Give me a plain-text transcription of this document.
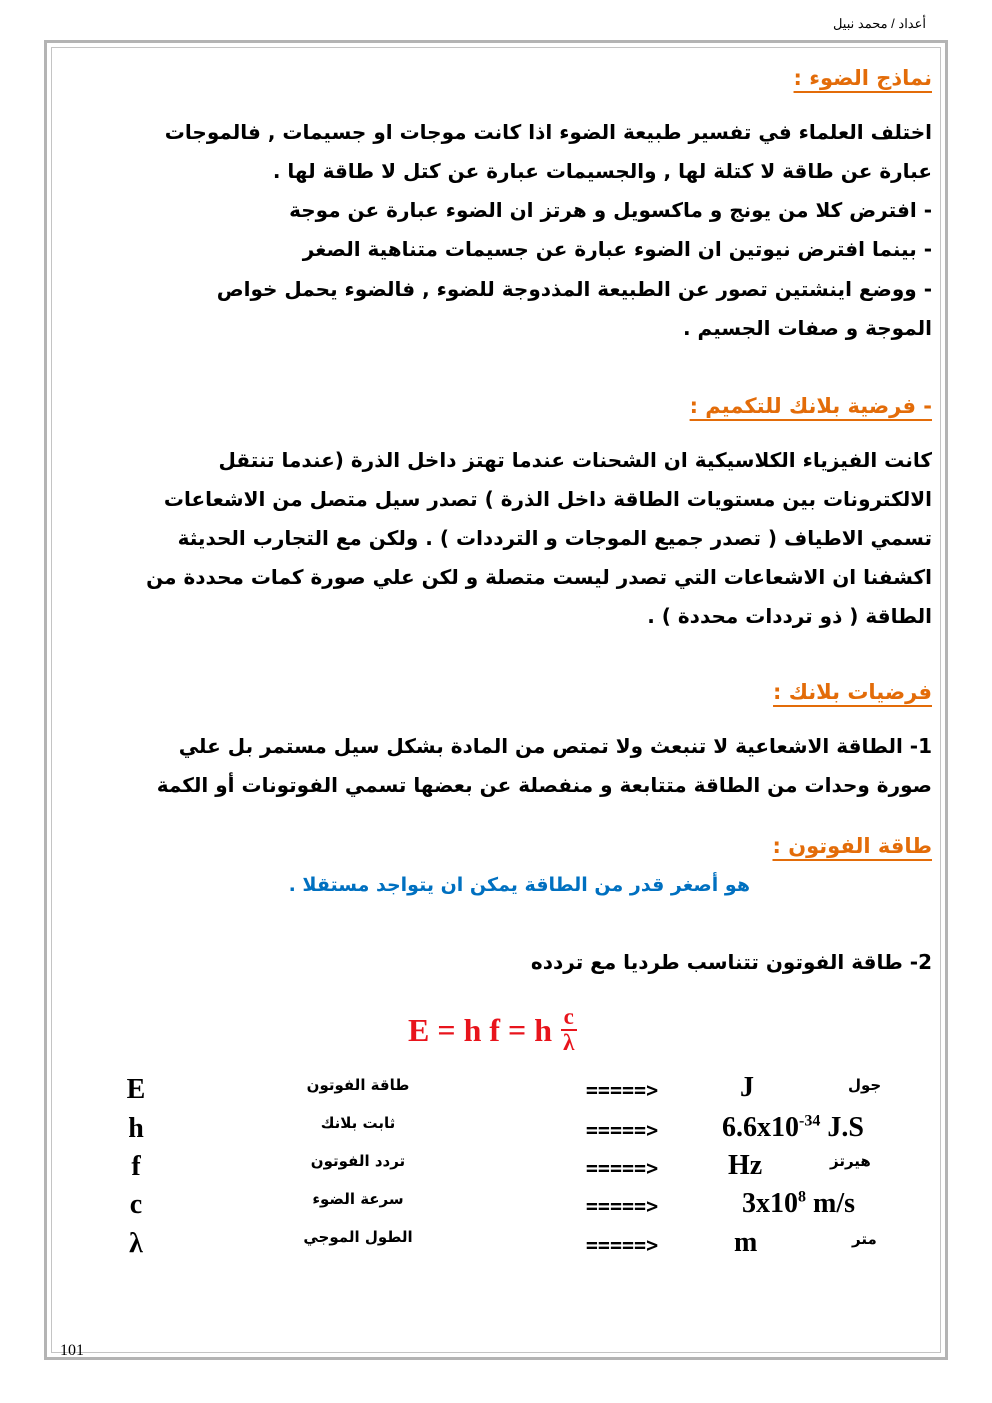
أعداد / محمد نبيل
نماذج الضوء :
اختلف العلماء في تفسير طبيعة الضوء اذا كانت موجات او جسيمات , فالموجات
عبارة عن طاقة لا كتلة لها , والجسيمات عبارة عن كتل لا طاقة لها .
- افترض كلا من يونج و ماكسويل و هرتز ان الضوء عبارة عن موجة
- بينما افترض نيوتين ان الضوء عبارة عن جسيمات متناهية الصغر
- ووضع اينشتين تصور عن الطبيعة المذدوجة للضوء , فالضوء يحمل خواص
الموجة و صفات الجسيم .
- فرضية بلانك للتكميم :
كانت الفيزياء الكلاسيكية ان الشحنات عندما تهتز داخل الذرة (عندما تنتقل
الالكترونات بين مستويات الطاقة داخل الذرة ) تصدر سيل متصل من الاشعاعات
تسمي الاطياف ( تصدر جميع الموجات و الترددات ) . ولكن مع التجارب الحديثة
اكشفنا ان الاشعاعات التي تصدر ليست متصلة و لكن علي صورة كمات محددة من
الطاقة ( ذو ترددات محددة ) .
فرضيات بلانك :
1- الطاقة الاشعاعية لا تنبعث ولا تمتص من المادة بشكل سيل مستمر بل علي
صورة وحدات من الطاقة متتابعة و منفصلة عن بعضها تسمي الفوتونات أو الكمة
طاقة الفوتون :
هو أصغر قدر من الطاقة يمكن ان يتواجد مستقلا .
2- طاقة الفوتون تتناسب طرديا مع تردده
E = h f = h $\frac{c}{\lambda}$
E	طاقة الفوتون	=====>	J	جول
h	ثابت بلانك	=====>	$6.6x10^{-34}$ J.S
f	تردد الفوتون	=====>	Hz	هيرتز
c	سرعة الضوء	=====>	$3x10^8$ m/s
λ	الطول الموجي	=====>	m	متر
101
